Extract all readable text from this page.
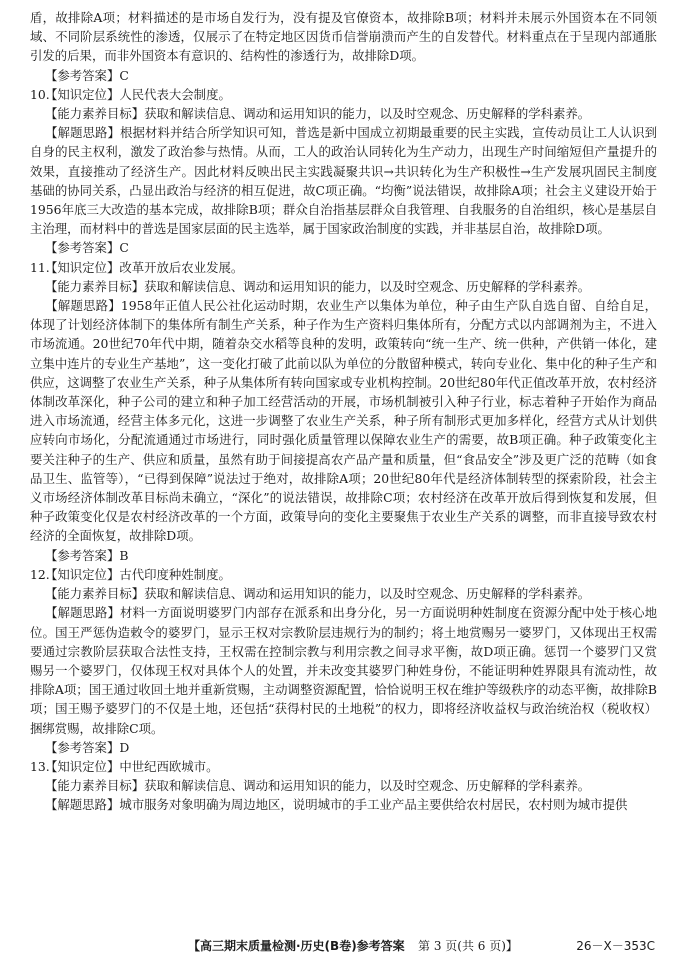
盾，故排除A项；材料描述的是市场自发行为，没有提及官僚资本，故排除B项；材料并未展示外国资本在不同领域、不同阶层系统性的渗透，仅展示了在特定地区因货币信誉崩溃而产生的自发替代。材料重点在于呈现内部通胀引发的后果，而非外国资本有意识的、结构性的渗透行为，故排除D项。

【参考答案】C

10.【知识定位】人民代表大会制度。

【能力素养目标】获取和解读信息、调动和运用知识的能力，以及时空观念、历史解释的学科素养。

【解题思路】根据材料并结合所学知识可知，普选是新中国成立初期最重要的民主实践，宣传动员让工人认识到自身的民主权利，激发了政治参与热情。从而，工人的政治认同转化为生产动力，出现生产时间缩短但产量提升的效果，直接推动了经济生产。因此材料反映出民主实践凝聚共识→共识转化为生产积极性→生产发展巩固民主制度基础的协同关系，凸显出政治与经济的相互促进，故C项正确。“均衡”说法错误，故排除A项；社会主义建设开始于1956年底三大改造的基本完成，故排除B项；群众自治指基层群众自我管理、自我服务的自治组织，核心是基层自主治理，而材料中的普选是国家层面的民主选举，属于国家政治制度的实践，并非基层自治，故排除D项。

【参考答案】C

11.【知识定位】改革开放后农业发展。

【能力素养目标】获取和解读信息、调动和运用知识的能力，以及时空观念、历史解释的学科素养。

【解题思路】1958年正值人民公社化运动时期，农业生产以集体为单位，种子由生产队自选自留、自给自足，体现了计划经济体制下的集体所有制生产关系，种子作为生产资料归集体所有，分配方式以内部调剂为主，不进入市场流通。20世纪70年代中期，随着杂交水稻等良种的发明，政策转向“统一生产、统一供种，产供销一体化，建立集中连片的专业生产基地”，这一变化打破了此前以队为单位的分散留种模式，转向专业化、集中化的种子生产和供应，这调整了农业生产关系，种子从集体所有转向国家或专业机构控制。20世纪80年代正值改革开放，农村经济体制改革深化，种子公司的建立和种子加工经营活动的开展，市场机制被引入种子行业，标志着种子开始作为商品进入市场流通，经营主体多元化，这进一步调整了农业生产关系，种子所有制形式更加多样化，经营方式从计划供应转向市场化，分配流通通过市场进行，同时强化质量管理以保障农业生产的需要，故B项正确。种子政策变化主要关注种子的生产、供应和质量，虽然有助于间接提高农产品产量和质量，但“食品安全”涉及更广泛的范畴（如食品卫生、监管等），“已得到保障”说法过于绝对，故排除A项；20世纪80年代是经济体制转型的探索阶段，社会主义市场经济体制改革目标尚未确立，“深化”的说法错误，故排除C项；农村经济在改革开放后得到恢复和发展，但种子政策变化仅是农村经济改革的一个方面，政策导向的变化主要聚焦于农业生产关系的调整，而非直接导致农村经济的全面恢复，故排除D项。

【参考答案】B

12.【知识定位】古代印度种姓制度。

【能力素养目标】获取和解读信息、调动和运用知识的能力，以及时空观念、历史解释的学科素养。

【解题思路】材料一方面说明婆罗门内部存在派系和出身分化，另一方面说明种姓制度在资源分配中处于核心地位。国王严惩伪造敕令的婆罗门，显示王权对宗教阶层违规行为的制约；将土地赏赐另一婆罗门，又体现出王权需要通过宗教阶层获取合法性支持，王权需在控制宗教与利用宗教之间寻求平衡，故D项正确。惩罚一个婆罗门又赏赐另一个婆罗门，仅体现王权对具体个人的处置，并未改变其婆罗门种姓身份，不能证明种姓界限具有流动性，故排除A项；国王通过收回土地并重新赏赐，主动调整资源配置，恰恰说明王权在维护等级秩序的动态平衡，故排除B项；国王赐予婆罗门的不仅是土地，还包括“获得村民的土地税”的权力，即将经济收益权与政治统治权（税收权）捆绑赏赐，故排除C项。

【参考答案】D

13.【知识定位】中世纪西欧城市。

【能力素养目标】获取和解读信息、调动和运用知识的能力，以及时空观念、历史解释的学科素养。

【解题思路】城市服务对象明确为周边地区，说明城市的手工业产品主要供给农村居民，农村则为城市提供

【高三期末质量检测·历史(B卷)参考答案 第 3 页(共 6 页)】	26－X－353C
